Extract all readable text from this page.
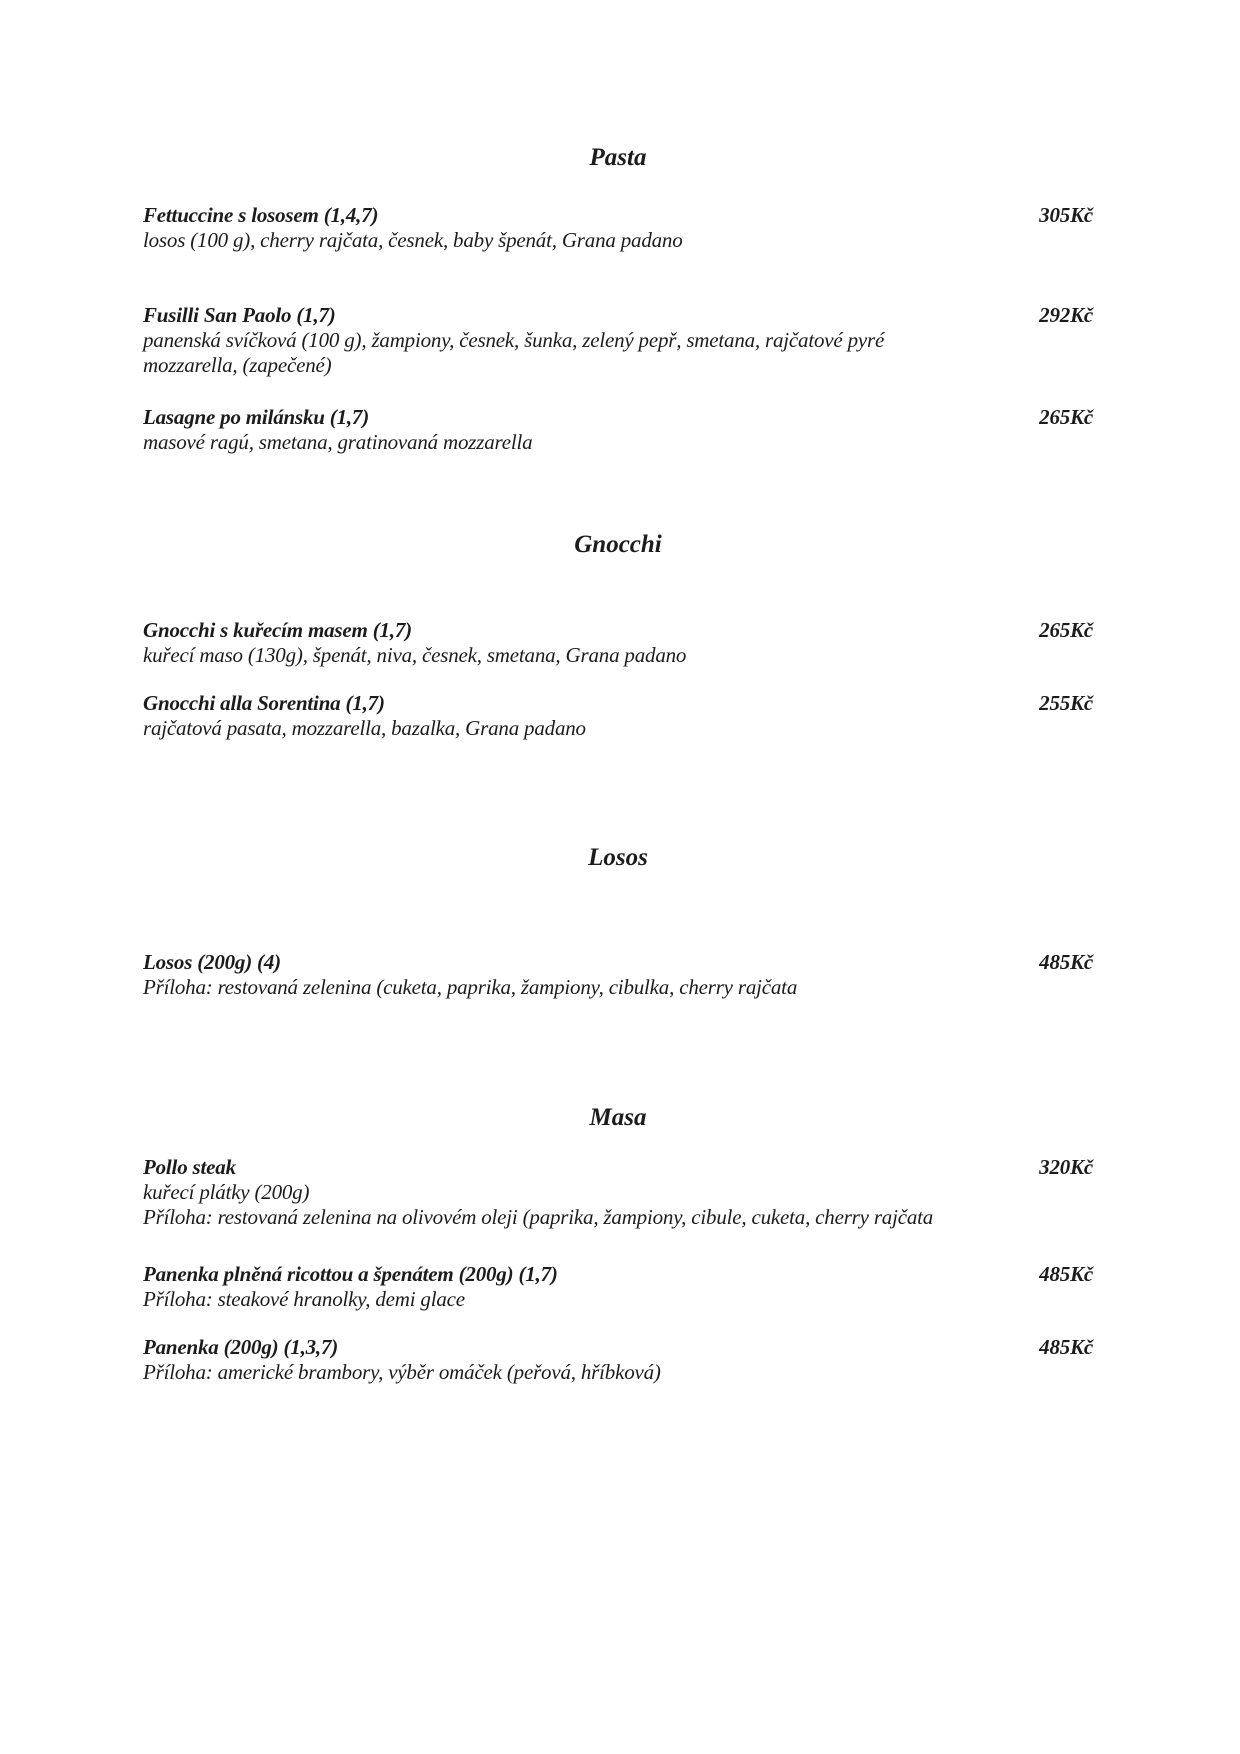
Pasta
Fettuccine s lososem (1,4,7)	305Kč
losos (100 g), cherry rajčata, česnek, baby špenát, Grana padano
Fusilli San Paolo (1,7)	292Kč
panenská svíčková (100 g), žampiony, česnek, šunka, zelený pepř, smetana, rajčatové pyré
mozzarella, (zapečené)
Lasagne po milánsku (1,7)	265Kč
masové ragú, smetana, gratinovaná mozzarella
Gnocchi
Gnocchi s kuřecím masem (1,7)	265Kč
kuřecí maso (130g), špenát, niva, česnek, smetana, Grana padano
Gnocchi alla Sorentina (1,7)	255Kč
rajčatová pasata, mozzarella, bazalka, Grana padano
Losos
Losos (200g) (4)	485Kč
Příloha: restovaná zelenina (cuketa, paprika, žampiony, cibulka, cherry rajčata
Masa
Pollo steak	320Kč
kuřecí plátky (200g)
Příloha: restovaná zelenina na olivovém oleji (paprika, žampiony, cibule, cuketa, cherry rajčata
Panenka plněná ricottou a špenátem (200g) (1,7)	485Kč
Příloha: steakové hranolky, demi glace
Panenka (200g) (1,3,7)	485Kč
Příloha: americké brambory, výběr omáček (peřová, hříbková)
